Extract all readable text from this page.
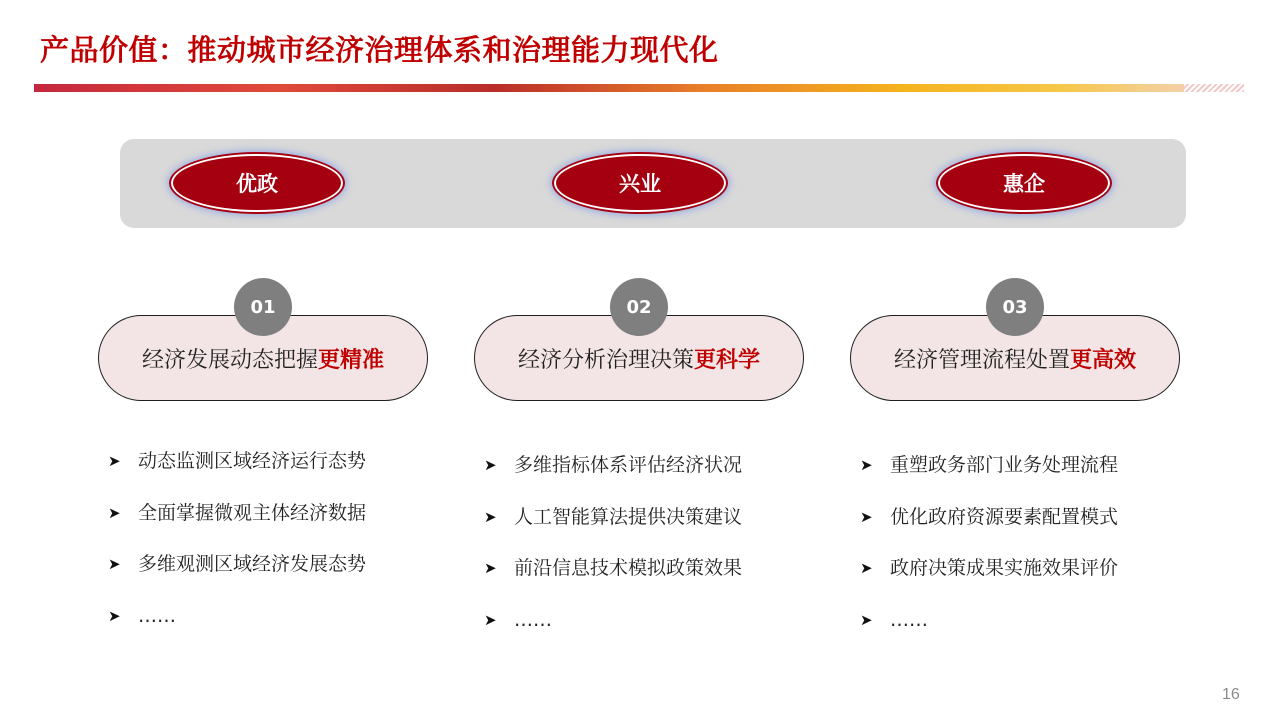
产品价值：推动城市经济治理体系和治理能力现代化
优政	兴业	惠企
01
经济发展动态把握 更精准
➤ 动态监测区域经济运行态势
➤ 全面掌握微观主体经济数据
➤ 多维观测区域经济发展态势
➤ ……
02
经济分析治理决策 更科学
➤ 多维指标体系评估经济状况
➤ 人工智能算法提供决策建议
➤ 前沿信息技术模拟政策效果
➤ ……
03
经济管理流程处置 更高效
➤ 重塑政务部门业务处理流程
➤ 优化政府资源要素配置模式
➤ 政府决策成果实施效果评价
➤ ……
16
